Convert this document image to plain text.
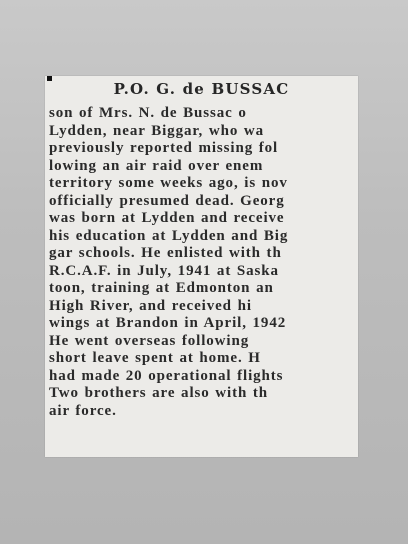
P.O. G. de BUSSAC
son of Mrs. N. de Bussac o
Lydden, near Biggar, who wa
previously reported missing fol
lowing an air raid over enem
territory some weeks ago, is nov
officially presumed dead. Georg
was born at Lydden and receive
his education at Lydden and Big
gar schools. He enlisted with th
R.C.A.F. in July, 1941 at Saska
toon, training at Edmonton an
High River, and received hi
wings at Brandon in April, 1942
He went overseas following
short leave spent at home. H
had made 20 operational flights
Two brothers are also with th
air force.
